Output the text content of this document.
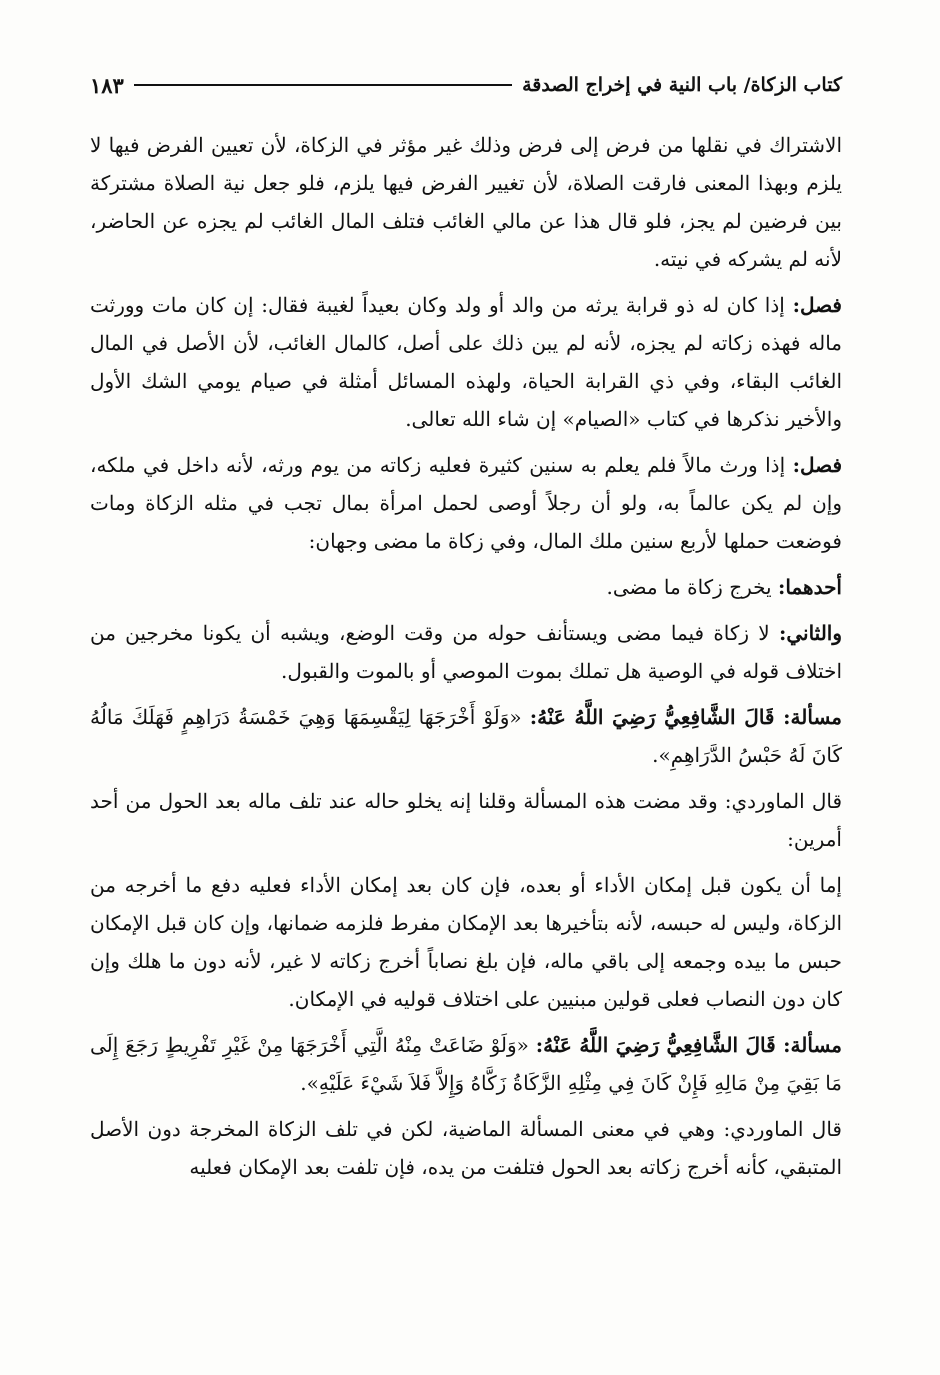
كتاب الزكاة/ باب النية في إخراج الصدقة
١٨٣

الاشتراك في نقلها من فرض إلى فرض وذلك غير مؤثر في الزكاة، لأن تعيين الفرض فيها لا يلزم وبهذا المعنى فارقت الصلاة، لأن تغيير الفرض فيها يلزم، فلو جعل نية الصلاة مشتركة بين فرضين لم يجز، فلو قال هذا عن مالي الغائب فتلف المال الغائب لم يجزه عن الحاضر، لأنه لم يشركه في نيته.

فصل: إذا كان له ذو قرابة يرثه من والد أو ولد وكان بعيداً لغيبة فقال: إن كان مات وورثت ماله فهذه زكاته لم يجزه، لأنه لم يبن ذلك على أصل، كالمال الغائب، لأن الأصل في المال الغائب البقاء، وفي ذي القرابة الحياة، ولهذه المسائل أمثلة في صيام يومي الشك الأول والأخير نذكرها في كتاب «الصيام» إن شاء الله تعالى.

فصل: إذا ورث مالاً فلم يعلم به سنين كثيرة فعليه زكاته من يوم ورثه، لأنه داخل في ملكه، وإن لم يكن عالماً به، ولو أن رجلاً أوصى لحمل امرأة بمال تجب في مثله الزكاة ومات فوضعت حملها لأربع سنين ملك المال، وفي زكاة ما مضى وجهان:

أحدهما: يخرج زكاة ما مضى.

والثاني: لا زكاة فيما مضى ويستأنف حوله من وقت الوضع، ويشبه أن يكونا مخرجين من اختلاف قوله في الوصية هل تملك بموت الموصي أو بالموت والقبول.

مسألة: قَالَ الشَّافِعِيُّ رَضِيَ اللَّهُ عَنْهُ: «وَلَوْ أَخْرَجَهَا لِيَقْسِمَهَا وَهِيَ خَمْسَةُ دَرَاهِمٍ فَهَلَكَ مَالُهُ كَانَ لَهُ حَبْسُ الدَّرَاهِمِ».

قال الماوردي: وقد مضت هذه المسألة وقلنا إنه يخلو حاله عند تلف ماله بعد الحول من أحد أمرين:

إما أن يكون قبل إمكان الأداء أو بعده، فإن كان بعد إمكان الأداء فعليه دفع ما أخرجه من الزكاة، وليس له حبسه، لأنه بتأخيرها بعد الإمكان مفرط فلزمه ضمانها، وإن كان قبل الإمكان حبس ما بيده وجمعه إلى باقي ماله، فإن بلغ نصاباً أخرج زكاته لا غير، لأنه دون ما هلك وإن كان دون النصاب فعلى قولين مبنيين على اختلاف قوليه في الإمكان.

مسألة: قَالَ الشَّافِعِيُّ رَضِيَ اللَّهُ عَنْهُ: «وَلَوْ ضَاعَتْ مِنْهُ الَّتِي أَخْرَجَهَا مِنْ غَيْرِ تَفْرِيطٍ رَجَعَ إِلَى مَا بَقِيَ مِنْ مَالِهِ فَإِنْ كَانَ فِي مِثْلِهِ الزَّكَاةُ زَكَّاهُ وَإِلاَّ فَلاَ شَيْءَ عَلَيْهِ».

قال الماوردي: وهي في معنى المسألة الماضية، لكن في تلف الزكاة المخرجة دون الأصل المتبقي، كأنه أخرج زكاته بعد الحول فتلفت من يده، فإن تلفت بعد الإمكان فعليه
